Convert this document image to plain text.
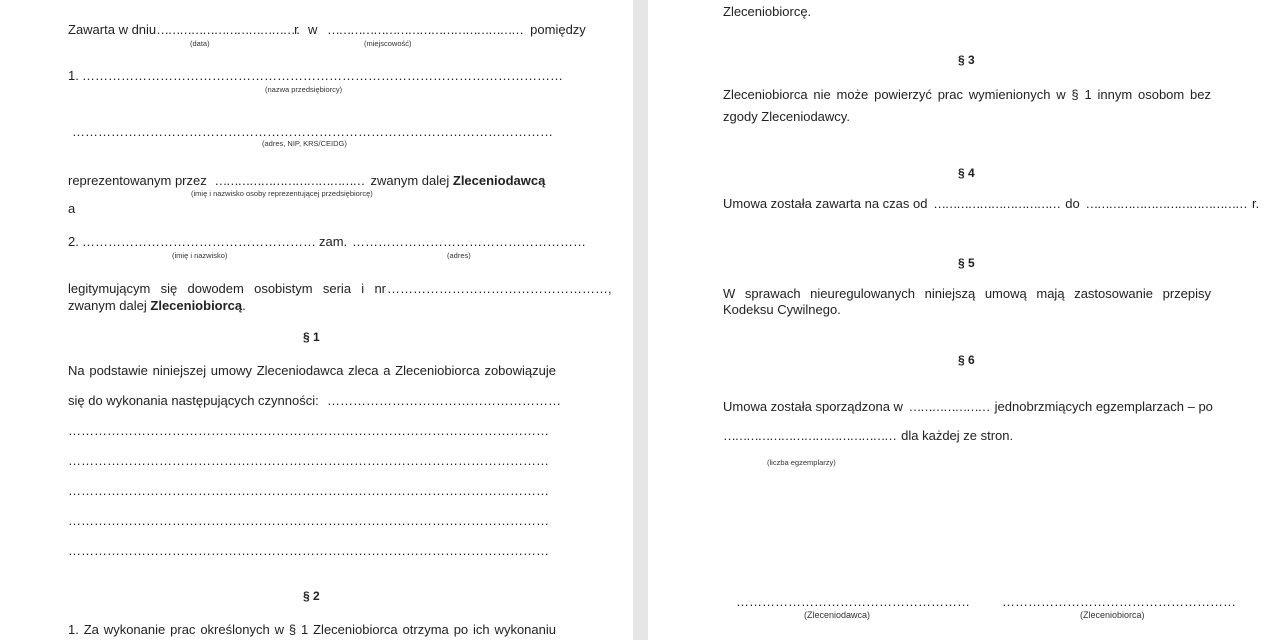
Zawarta w dniu………………………………r. w …………………………………………… pomiędzy
(data)	(miejscowość)
1. …………………………………………………………………………………………………
(nazwa przedsiębiorcy)
…………………………………………………………………………………………………
(adres, NIP, KRS/CEIDG)
reprezentowanym przez ………………………………… zwanym dalej Zleceniodawcą
(imię i nazwisko osoby reprezentującej przedsiębiorcę)
a
2. ……………………………………………… zam. ………………………………………………
(imię i nazwisko)	(adres)
legitymującym się dowodem osobistym seria i nr ……………………………………………,
zwanym dalej Zleceniobiorcą.
§ 1
Na podstawie niniejszej umowy Zleceniodawca zleca a Zleceniobiorca zobowiązuje
się do wykonania następujących czynności: ………………………………………………
…………………………………………………………………………………………………
…………………………………………………………………………………………………
…………………………………………………………………………………………………
…………………………………………………………………………………………………
…………………………………………………………………………………………………
§ 2
1. Za wykonanie prac określonych w § 1 Zleceniobiorca otrzyma po ich wykonaniu
Zleceniobiorcę.
§ 3
Zleceniobiorca nie może powierzyć prac wymienionych w § 1 innym osobom bez
zgody Zleceniodawcy.
§ 4
Umowa została zawarta na czas od …………………………… do …………………………………… r.
§ 5
W sprawach nieuregulowanych niniejszą umową mają zastosowanie przepisy
Kodeksu Cywilnego.
§ 6
Umowa została sporządzona w ………………… jednobrzmiących egzemplarzach – po
……………………………………… dla każdej ze stron.
(liczba egzemplarzy)
……………………………………………… ………………………………………………
(Zleceniodawca)	(Zleceniobiorca)
